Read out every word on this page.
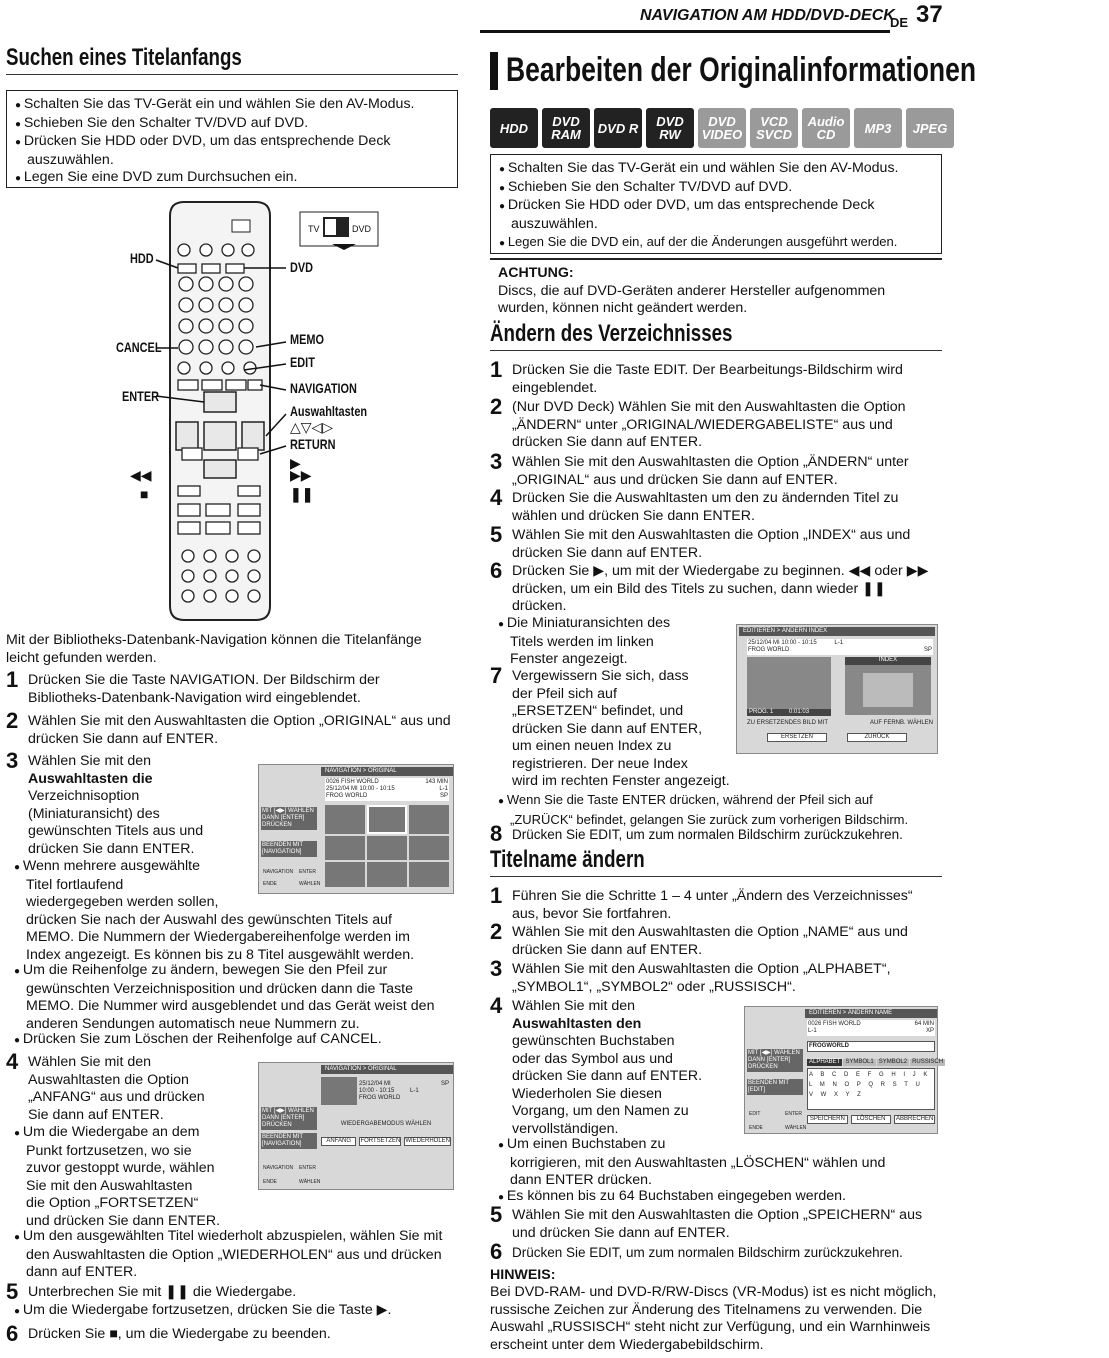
NAVIGATION AM HDD/DVD-DECK
DE 37
Suchen eines Titelanfangs
● Schalten Sie das TV-Gerät ein und wählen Sie den AV-Modus.
● Schieben Sie den Schalter TV/DVD auf DVD.
● Drücken Sie HDD oder DVD, um das entsprechende Deck auszuwählen.
● Legen Sie eine DVD zum Durchsuchen ein.
TV	DVD
HDD
DVD
CANCEL	MEMO
EDIT
ENTER	NAVIGATION
Auswahltasten
△▽◁▷
RETURN
▶
◀◀	▶▶
■	❚❚
Mit der Bibliotheks-Datenbank-Navigation können die Titelanfänge leicht gefunden werden.
1 Drücken Sie die Taste NAVIGATION. Der Bildschirm der Bibliotheks-Datenbank-Navigation wird eingeblendet.
2 Wählen Sie mit den Auswahltasten die Option „ORIGINAL“ aus und drücken Sie dann auf ENTER.
3 Wählen Sie mit den
Auswahltasten die
Verzeichnisoption
(Miniaturansicht) des
gewünschten Titels aus und
drücken Sie dann ENTER.
● Wenn mehrere ausgewählte
Titel fortlaufend
wiedergegeben werden sollen,
drücken Sie nach der Auswahl des gewünschten Titels auf
MEMO. Die Nummern der Wiedergabereihenfolge werden im
Index angezeigt. Es können bis zu 8 Titel ausgewählt werden.
● Um die Reihenfolge zu ändern, bewegen Sie den Pfeil zur gewünschten Verzeichnisposition und drücken dann die Taste MEMO. Die Nummer wird ausgeblendet und das Gerät weist den anderen Sendungen automatisch neue Nummern zu.
● Drücken Sie zum Löschen der Reihenfolge auf CANCEL.
4 Wählen Sie mit den
Auswahltasten die Option
„ANFANG“ aus und drücken
Sie dann auf ENTER.
● Um die Wiedergabe an dem
Punkt fortzusetzen, wo sie
zuvor gestoppt wurde, wählen
Sie mit den Auswahltasten
die Option „FORTSETZEN“
und drücken Sie dann ENTER.
● Um den ausgewählten Titel wiederholt abzuspielen, wählen Sie mit den Auswahltasten die Option „WIEDERHOLEN“ aus und drücken dann auf ENTER.
5 Unterbrechen Sie mit ❚❚ die Wiedergabe.
● Um die Wiedergabe fortzusetzen, drücken Sie die Taste ▶.
6 Drücken Sie ■, um die Wiedergabe zu beenden.
NAVIGATION > ORIGINAL
0026 FISH WORLD	143 MIN

25/12/04 MI 10:00 - 10:15	L-1

FROG WORLD	SP
MIT [◀▶] WÄHLEN DANN [ENTER] DRÜCKEN
BEENDEN MIT [NAVIGATION]
NAVIGATION ENTER
ENDE	WÄHLEN
NAVIGATION > ORIGINAL
25/12/04 MI	SP

10:00 - 10:15	L-1
FROG WORLD
MIT [◀▶] WÄHLEN DANN [ENTER] DRÜCKEN
BEENDEN MIT [NAVIGATION]
WIEDERGABEMODUS WÄHLEN
ANFANG	FORTSETZEN WIEDERHOLEN
NAVIGATION ENTER
ENDE	WÄHLEN
Bearbeiten der Originalinformationen
HDD	DVD RAM	DVD R	DVD RW
DVD VIDEO
VCD SVCD
Audio CD	MP3	JPEG
● Schalten Sie das TV-Gerät ein und wählen Sie den AV-Modus.
● Schieben Sie den Schalter TV/DVD auf DVD.
● Drücken Sie HDD oder DVD, um das entsprechende Deck auszuwählen.
● Legen Sie die DVD ein, auf der die Änderungen ausgeführt werden.
ACHTUNG:
Discs, die auf DVD-Geräten anderer Hersteller aufgenommen wurden, können nicht geändert werden.
Ändern des Verzeichnisses
1 Drücken Sie die Taste EDIT. Der Bearbeitungs-Bildschirm wird eingeblendet.
2 (Nur DVD Deck) Wählen Sie mit den Auswahltasten die Option „ÄNDERN“ unter „ORIGINAL/WIEDERGABELISTE“ aus und drücken Sie dann auf ENTER.
3 Wählen Sie mit den Auswahltasten die Option „ÄNDERN“ unter „ORIGINAL“ aus und drücken Sie dann auf ENTER.
4 Drücken Sie die Auswahltasten um den zu ändernden Titel zu wählen und drücken Sie dann ENTER.
5 Wählen Sie mit den Auswahltasten die Option „INDEX“ aus und drücken Sie dann auf ENTER.
6 Drücken Sie ▶, um mit der Wiedergabe zu beginnen. ◀◀ oder ▶▶ drücken, um ein Bild des Titels zu suchen, dann wieder ❚❚ drücken.
● Die Miniaturansichten des
Titels werden im linken
Fenster angezeigt.
7 Vergewissern Sie sich, dass
der Pfeil sich auf
„ERSETZEN“ befindet, und
drücken Sie dann auf ENTER,
um einen neuen Index zu
registrieren. Der neue Index
wird im rechten Fenster angezeigt.
● Wenn Sie die Taste ENTER drücken, während der Pfeil sich auf „ZURÜCK“ befindet, gelangen Sie zurück zum vorherigen Bildschirm.
8 Drücken Sie EDIT, um zum normalen Bildschirm zurückzukehren.
EDITIEREN > ÄNDERN INDEX
25/12/04 MI 10:00 - 10:15	L-1
FROG WORLD	SP
INDEX
PROG. 1	0:01:03
ZU ERSETZENDES BILD MIT	AUF FERNB. WÄHLEN
ERSETZEN	ZURÜCK
Titelname ändern
1 Führen Sie die Schritte 1 – 4 unter „Ändern des Verzeichnisses“ aus, bevor Sie fortfahren.
2 Wählen Sie mit den Auswahltasten die Option „NAME“ aus und drücken Sie dann auf ENTER.
3 Wählen Sie mit den Auswahltasten die Option „ALPHABET“, „SYMBOL1“, „SYMBOL2“ oder „RUSSISCH“.
4 Wählen Sie mit den
Auswahltasten den
gewünschten Buchstaben
oder das Symbol aus und
drücken Sie dann auf ENTER.
Wiederholen Sie diesen
Vorgang, um den Namen zu
vervollständigen.
● Um einen Buchstaben zu
korrigieren, mit den Auswahltasten „LÖSCHEN“ wählen und
dann ENTER drücken.
● Es können bis zu 64 Buchstaben eingegeben werden.
5 Wählen Sie mit den Auswahltasten die Option „SPEICHERN“ aus und drücken Sie dann auf ENTER.
6 Drücken Sie EDIT, um zum normalen Bildschirm zurückzukehren.
HINWEIS:
Bei DVD-RAM- und DVD-R/RW-Discs (VR-Modus) ist es nicht möglich, russische Zeichen zur Änderung des Titelnamens zu verwenden. Die Auswahl „RUSSISCH“ steht nicht zur Verfügung, und ein Warnhinweis erscheint unter dem Wiedergabebildschirm.
EDITIEREN > ÄNDERN NAME
0026 FISH WORLD	64 MIN

L-1	XP
FROGWORLD
MIT [◀▶] WÄHLEN DANN [ENTER] DRÜCKEN
BEENDEN MIT [EDIT]
ALPHABET SYMBOL1 SYMBOL2 RUSSISCH
A B C D E F G H I J K L M N O P Q R S T U V W X Y Z
SPEICHERN	LÖSCHEN	ABBRECHEN
EDIT	ENTER
ENDE	WÄHLEN
